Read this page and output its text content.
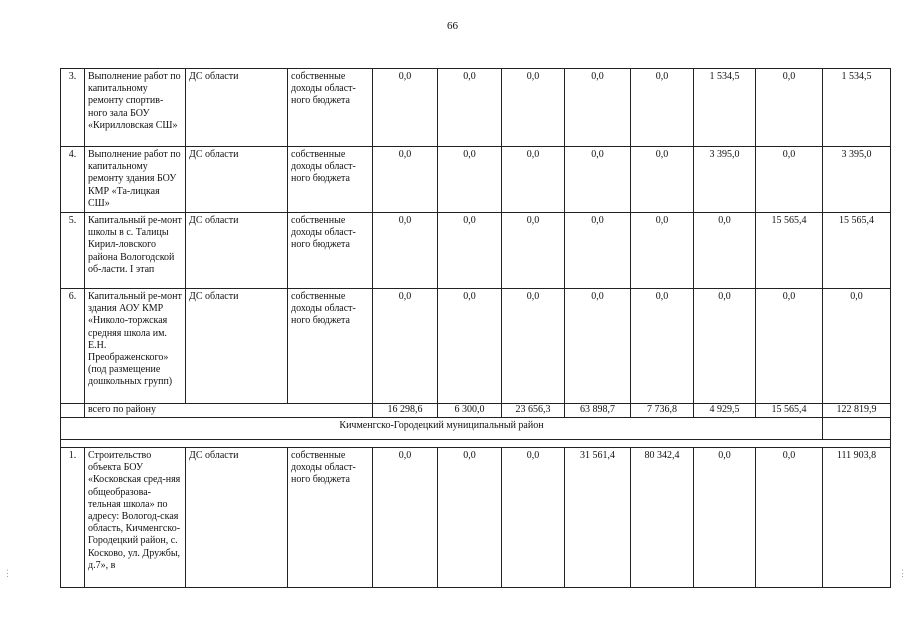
66
3.	Выполнение работ по капитальному ремонту спортив-ного зала БОУ «Кирилловская СШ»	ДС области	собственные доходы област-ного бюджета	0,0	0,0	0,0	0,0	0,0	1 534,5	0,0	1 534,5
4.	Выполнение работ по капитальному ремонту здания БОУ КМР «Та-лицкая СШ»	ДС области	собственные доходы област-ного бюджета	0,0	0,0	0,0	0,0	0,0	3 395,0	0,0	3 395,0
5.	Капитальный ре-монт школы в с. Талицы Кирил-ловского района Вологодской об-ласти. I этап	ДС области	собственные доходы област-ного бюджета	0,0	0,0	0,0	0,0	0,0	0,0	15 565,4	15 565,4
6.	Капитальный ре-монт здания АОУ КМР «Николо-торжская средняя школа им. Е.Н. Преображенского» (под размещение дошкольных групп)	ДС области	собственные доходы област-ного бюджета	0,0	0,0	0,0	0,0	0,0	0,0	0,0	0,0
	всего по району			16 298,6	6 300,0	23 656,3	63 898,7	7 736,8	4 929,5	15 565,4	122 819,9
Кичменгско-Городецкий муниципальный район											

1.	Строительство объекта БОУ «Косковская сред-няя общеобразова-тельная школа» по адресу: Вологод-ская область, Кичменгско-Городецкий район, с. Косково, ул. Дружбы, д.7», в	ДС области	собственные доходы област-ного бюджета	0,0	0,0	0,0	31 561,4	80 342,4	0,0	0,0	111 903,8
⋮	⋮
